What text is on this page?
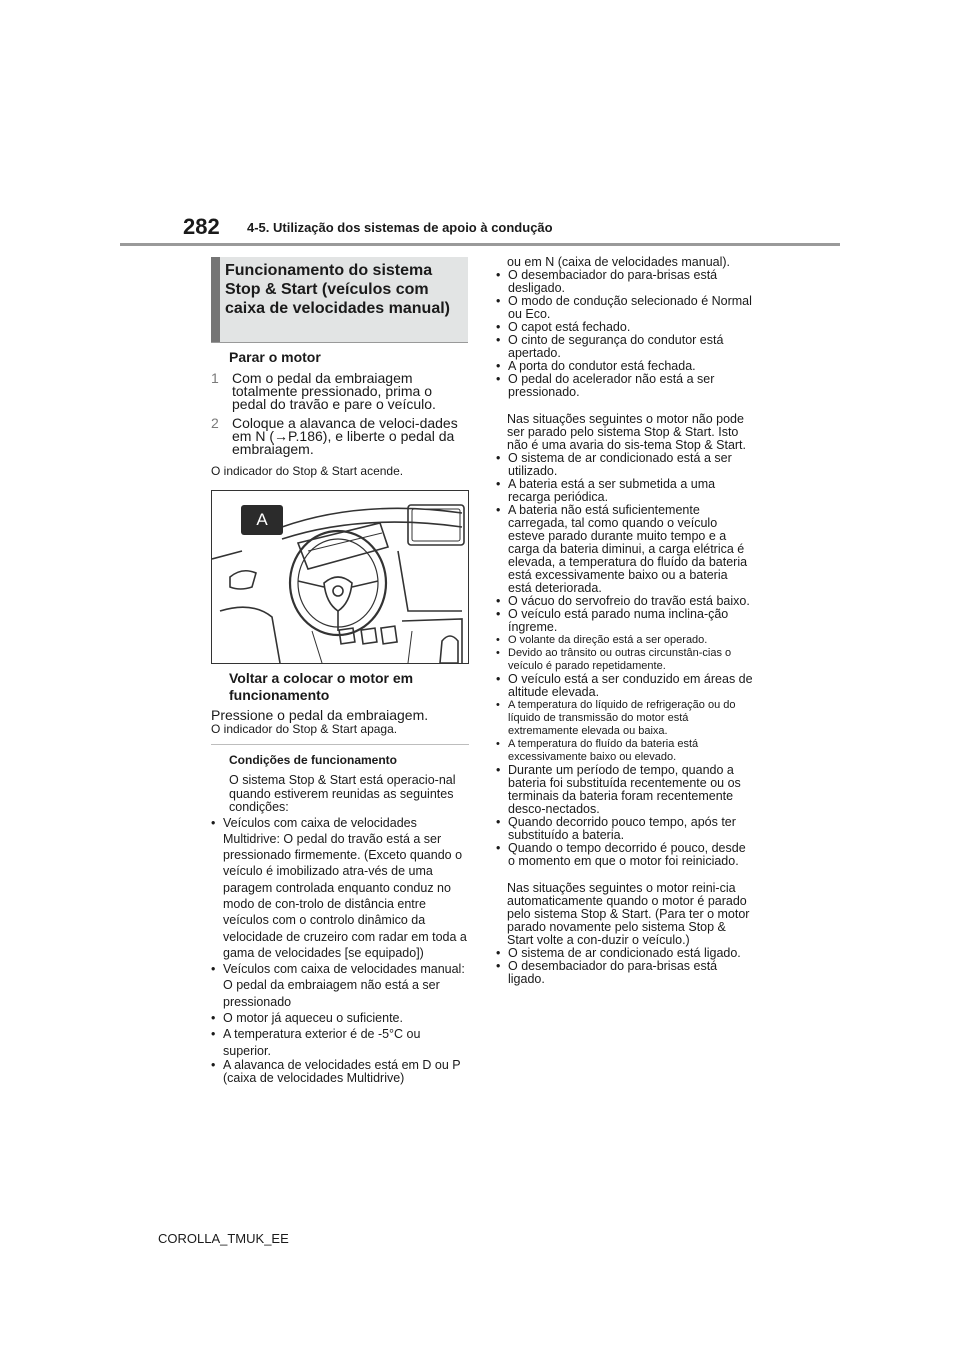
282 4-5. Utilização dos sistemas de apoio à condução
Funcionamento do sistema Stop & Start (veículos com caixa de velocidades manual)
Parar o motor
1 Com o pedal da embraiagem totalmente pressionado, prima o pedal do travão e pare o veículo.
2 Coloque a alavanca de veloci-dades em N (→P.186), e liberte o pedal da embraiagem.
O indicador do Stop & Start acende.
A
Voltar a colocar o motor em funcionamento
Pressione o pedal da embraiagem.
O indicador do Stop & Start apaga.
Condições de funcionamento
O sistema Stop & Start está operacio-nal quando estiverem reunidas as seguintes condições:
• Veículos com caixa de velocidades Multidrive: O pedal do travão está a ser pressionado firmemente. (Exceto quando o veículo é imobilizado atra-vés de uma paragem controlada enquanto conduz no modo de con-trolo de distância entre veículos com o controlo dinâmico da velocidade de cruzeiro com radar em toda a gama de velocidades [se equipado])
• Veículos com caixa de velocidades manual: O pedal da embraiagem não está a ser pressionado
• O motor já aqueceu o suficiente.
• A temperatura exterior é de -5°C ou superior.
• A alavanca de velocidades está em D ou P (caixa de velocidades Multidrive)
ou em N (caixa de velocidades manual).
• O desembaciador do para-brisas está desligado.
• O modo de condução selecionado é Normal ou Eco.
• O capot está fechado.
• O cinto de segurança do condutor está apertado.
• A porta do condutor está fechada.
• O pedal do acelerador não está a ser pressionado.
Nas situações seguintes o motor não pode ser parado pelo sistema Stop & Start. Isto não é uma avaria do sis-tema Stop & Start.
• O sistema de ar condicionado está a ser utilizado.
• A bateria está a ser submetida a uma recarga periódica.
• A bateria não está suficientemente carregada, tal como quando o veículo esteve parado durante muito tempo e a carga da bateria diminui, a carga elétrica é elevada, a temperatura do fluído da bateria está excessivamente baixo ou a bateria está deteriorada.
• O vácuo do servofreio do travão está baixo.
• O veículo está parado numa inclina-ção íngreme.
• O volante da direção está a ser operado.
• Devido ao trânsito ou outras circunstân-cias o veículo é parado repetidamente.
• O veículo está a ser conduzido em áreas de altitude elevada.
• A temperatura do líquido de refrigeração ou do líquido de transmissão do motor está extremamente elevada ou baixa.
• A temperatura do fluído da bateria está excessivamente baixo ou elevado.
• Durante um período de tempo, quando a bateria foi substituída recentemente ou os terminais da bateria foram recentemente desco-nectados.
• Quando decorrido pouco tempo, após ter substituído a bateria.
• Quando o tempo decorrido é pouco, desde o momento em que o motor foi reiniciado.
Nas situações seguintes o motor reini-cia automaticamente quando o motor é parado pelo sistema Stop & Start. (Para ter o motor parado novamente pelo sistema Stop & Start volte a con-duzir o veículo.)
• O sistema de ar condicionado está ligado.
• O desembaciador do para-brisas está ligado.
COROLLA_TMUK_EE
